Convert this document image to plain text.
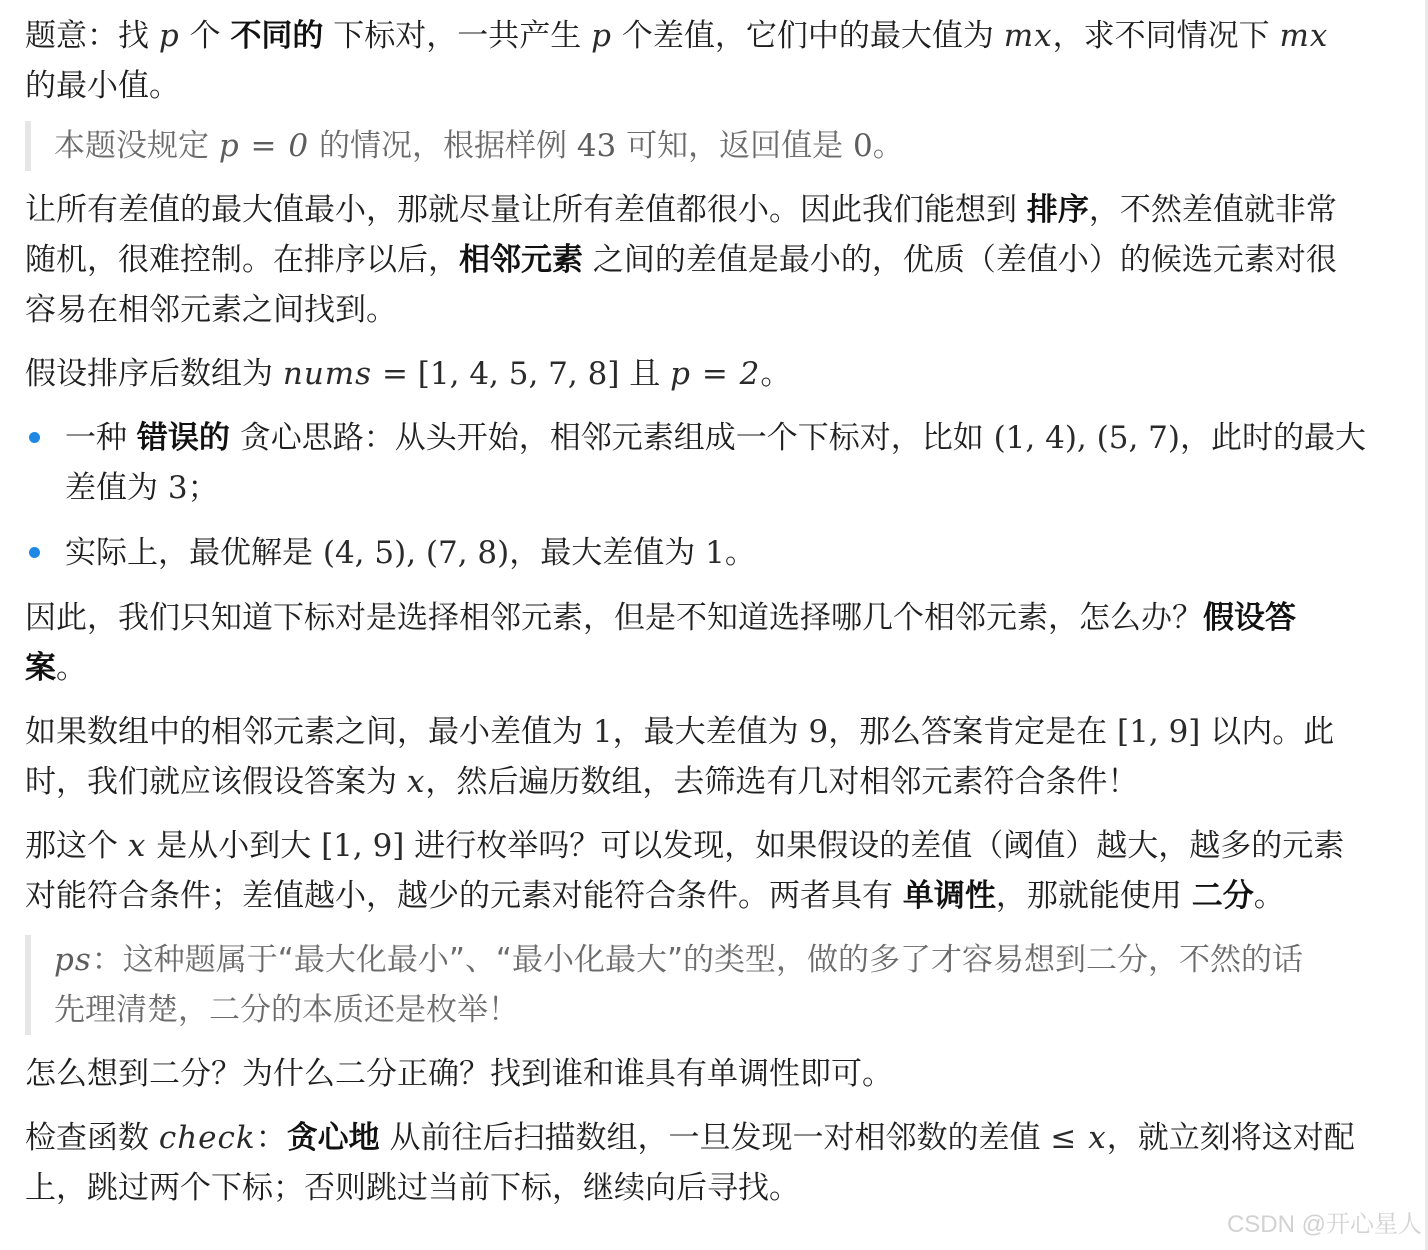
题意：找 p 个 不同的 下标对，一共产生 p 个差值，它们中的最大值为 mx，求不同情况下 mx
的最小值。
本题没规定 p = 0 的情况，根据样例 43 可知，返回值是 0。
让所有差值的最大值最小，那就尽量让所有差值都很小。因此我们能想到 排序，不然差值就非常
随机，很难控制。在排序以后，相邻元素 之间的差值是最小的，优质（差值小）的候选元素对很
容易在相邻元素之间找到。
假设排序后数组为 nums = [1, 4, 5, 7, 8] 且 p = 2。
一种 错误的 贪心思路：从头开始，相邻元素组成一个下标对，比如 (1, 4), (5, 7)，此时的最大
差值为 3；
实际上，最优解是 (4, 5), (7, 8)，最大差值为 1。
因此，我们只知道下标对是选择相邻元素，但是不知道选择哪几个相邻元素，怎么办？假设答
案。
如果数组中的相邻元素之间，最小差值为 1，最大差值为 9，那么答案肯定是在 [1, 9] 以内。此
时，我们就应该假设答案为 x，然后遍历数组，去筛选有几对相邻元素符合条件！
那这个 x 是从小到大 [1, 9] 进行枚举吗？可以发现，如果假设的差值（阈值）越大，越多的元素
对能符合条件；差值越小，越少的元素对能符合条件。两者具有 单调性，那就能使用 二分。
ps：这种题属于“最大化最小”、“最小化最大”的类型，做的多了才容易想到二分，不然的话
先理清楚，二分的本质还是枚举！
怎么想到二分？为什么二分正确？找到谁和谁具有单调性即可。
检查函数 check：贪心地 从前往后扫描数组，一旦发现一对相邻数的差值 ≤ x，就立刻将这对配
上，跳过两个下标；否则跳过当前下标，继续向后寻找。
CSDN @开心星人
